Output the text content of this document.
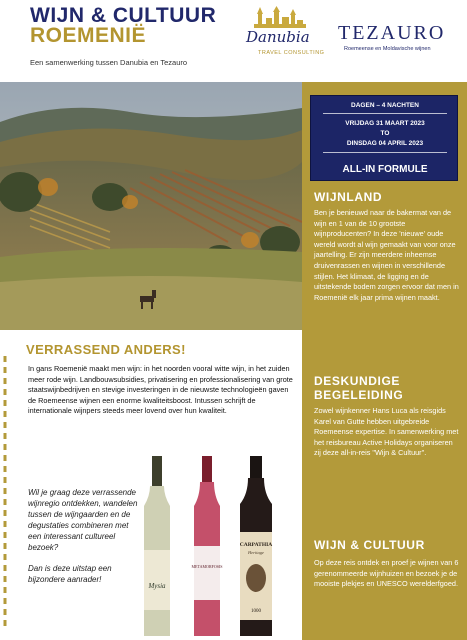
WIJN & CULTUUR
ROEMENIË
Een samenwerking tussen Danubia en Tezauro
Danubia
TRAVEL CONSULTING
TEZAURO
Roemeense en Moldavische wijnen
DAGEN – 4 NACHTEN
VRIJDAG 31 MAART 2023
TO
DINSDAG 04 APRIL 2023
ALL-IN FORMULE
WIJNLAND
Ben je benieuwd naar de bakermat van de wijn en 1 van de 10 grootste wijnproducenten? In deze 'nieuwe' oude wereld wordt al wijn gemaakt van voor onze jaartelling. Er zijn meerdere inheemse druivenrassen en wijnen in verschillende stijlen. Het klimaat, de ligging en de uitstekende bodem zorgen ervoor dat men in Roemenië elk jaar prima wijnen maakt.
DESKUNDIGE
BEGELEIDING
Zowel wijnkenner Hans Luca als reisgids Karel van Gutte hebben uitgebreide Roemeense expertise. In samenwerking met het reisbureau Active Holidays organiseren zij deze all-in-reis "Wijn & Cultuur".
WIJN & CULTUUR
Op deze reis ontdek en proef je wijnen van 6 gerenommeerde wijnhuizen en bezoek je de mooiste plekjes en UNESCO werelderfgoed.
VERRASSEND ANDERS!
In gans Roemenië maakt men wijn: in het noorden vooral witte wijn, in het zuiden meer rode wijn. Landbouwsubsidies, privatisering en professionalisering van grote staatswijnbedrijven en stevige investeringen in de nieuwste technologieën gaven de Roemeense wijnen een enorme kwaliteitsboost. Intussen schrijft de internationale wijnpers steeds meer lovend over hun kwaliteit.
Wil je graag deze verrassende wijnregio ontdekken, wandelen tussen de wijngaarden en de degustaties combineren met een interessant cultureel bezoek?
Dan is deze uitstap een bijzondere aanrader!
Mysia
METAMORFOSIS
CARPATHIA
Heritage
1000
